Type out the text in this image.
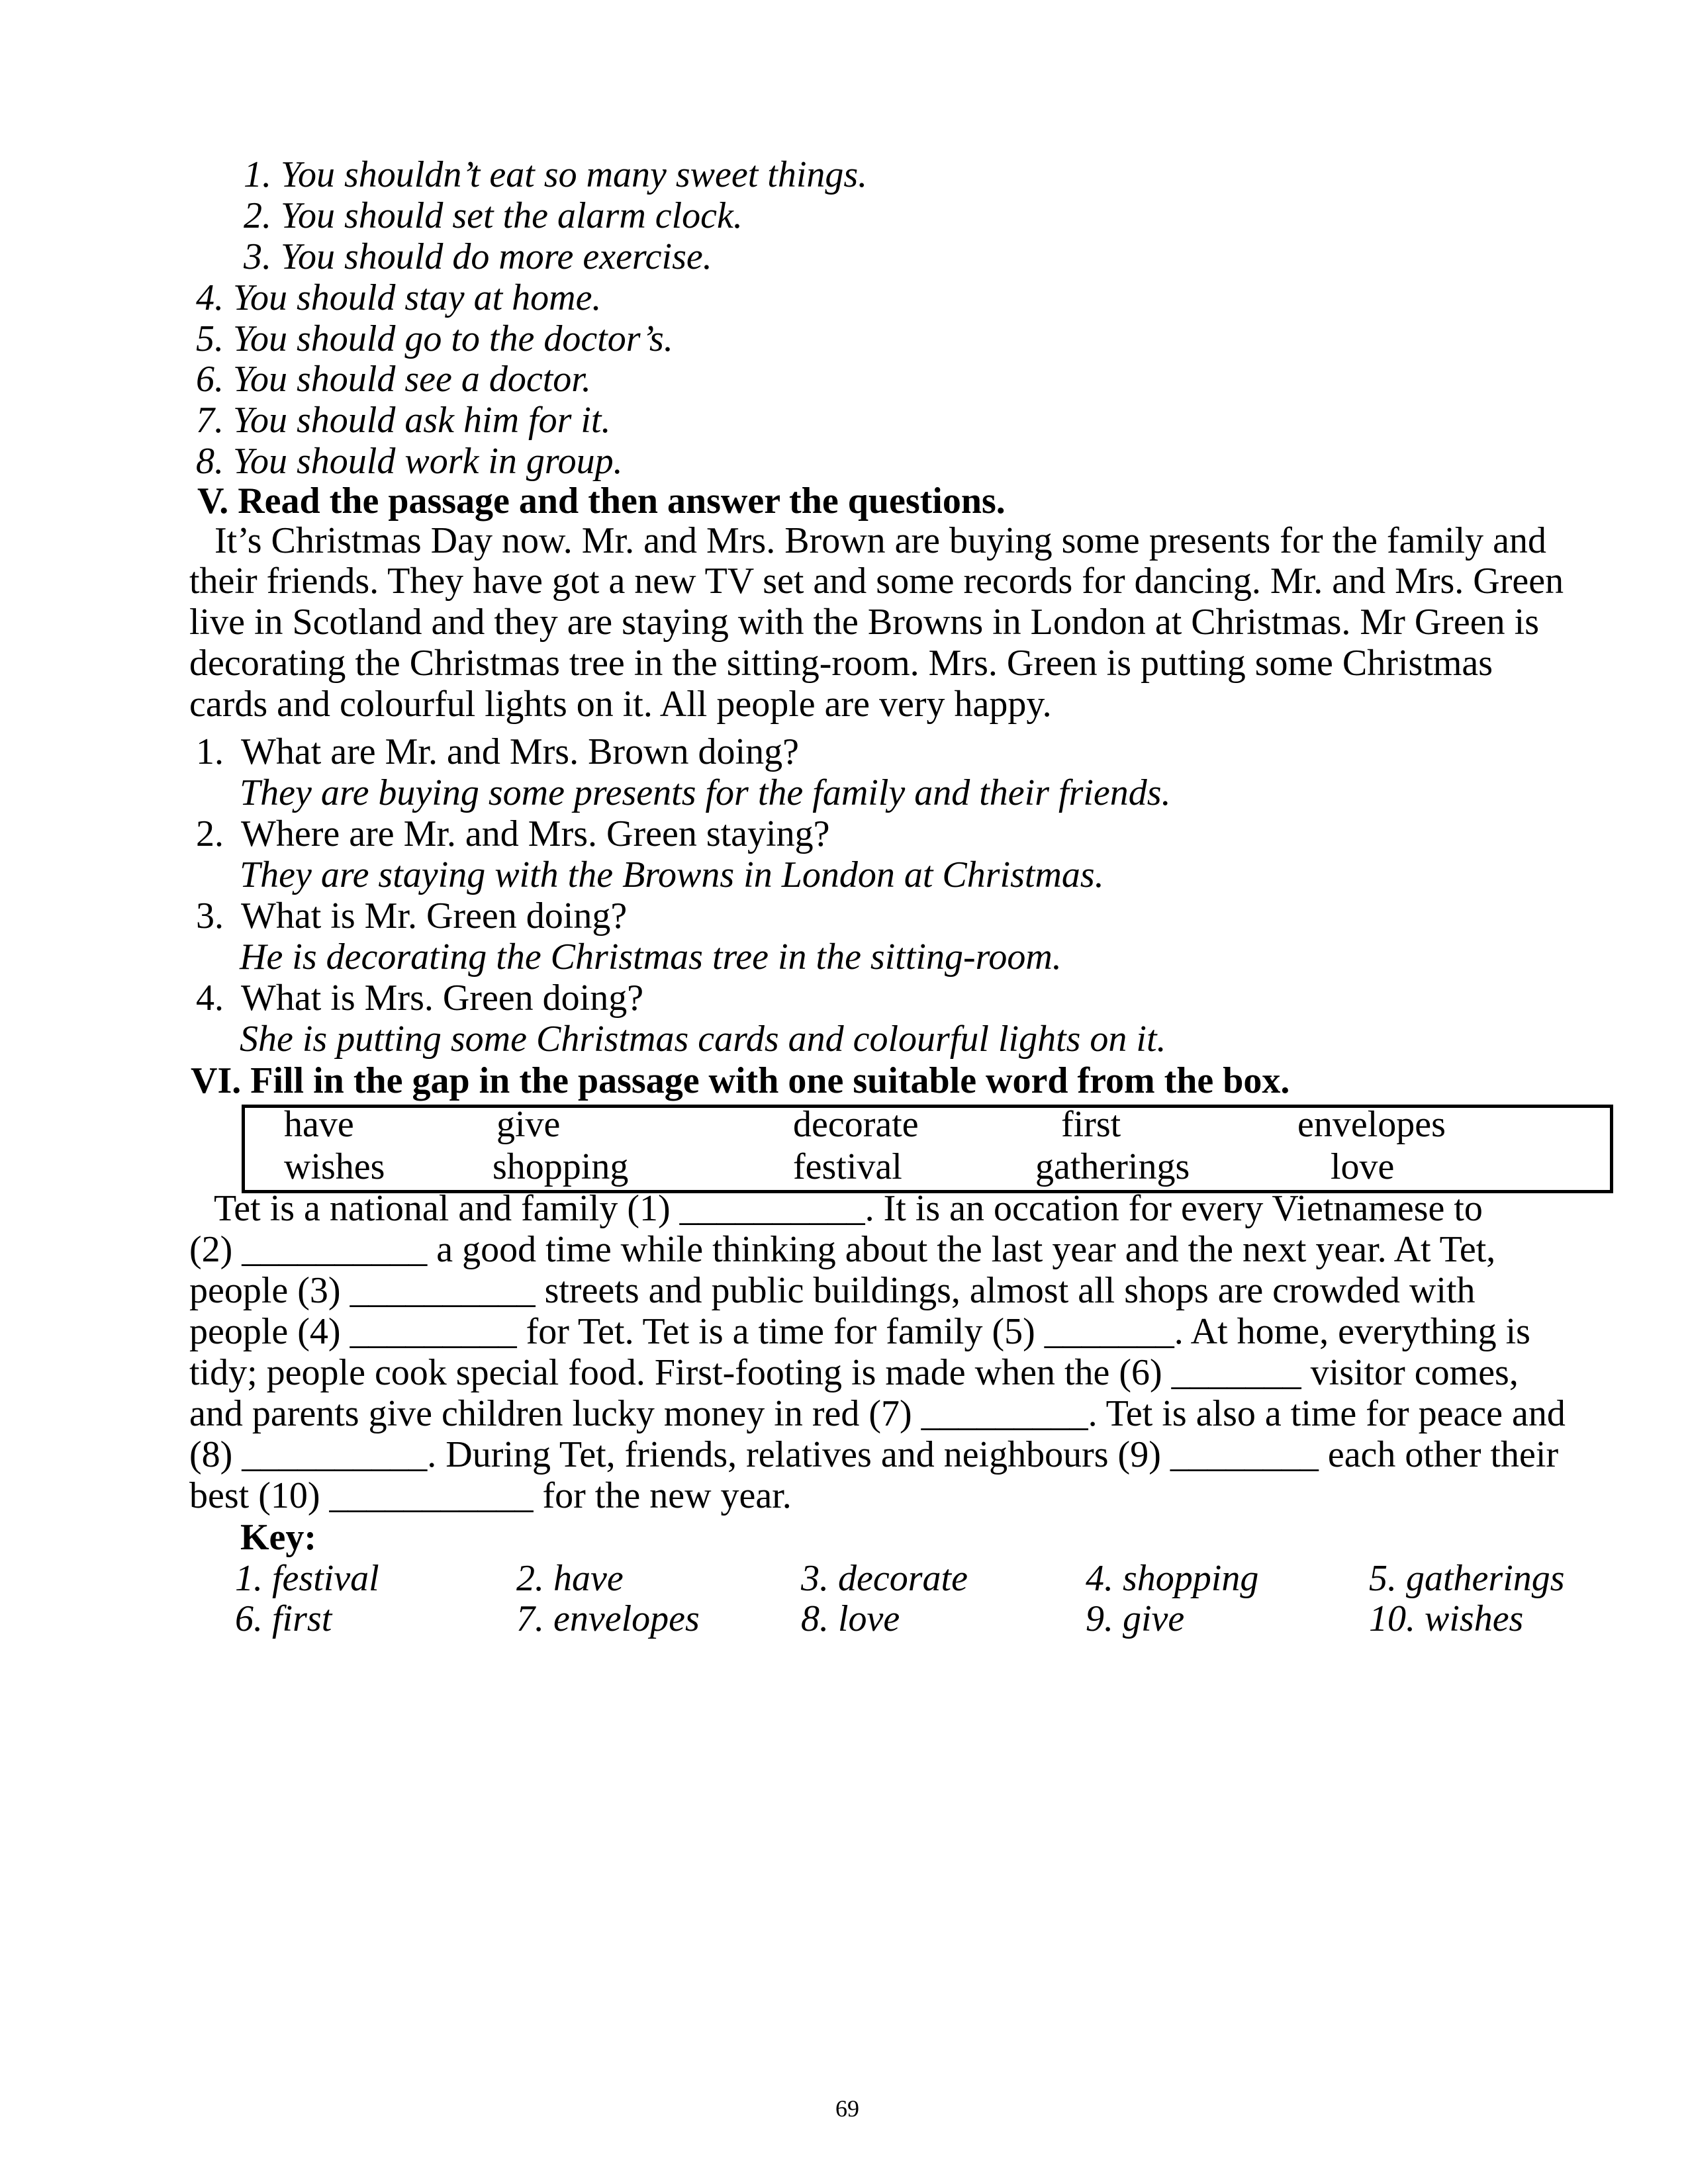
1. You shouldn’t eat so many sweet things.
2. You should set the alarm clock.
3. You should do more exercise.
4. You should stay at home.
5. You should go to the doctor’s.
6. You should see a doctor.
7. You should ask him for it.
8. You should work in group.
V. Read the passage and then answer the questions.
It’s Christmas Day now. Mr. and Mrs. Brown are buying some presents for the family and
their friends. They have got a new TV set and some records for dancing. Mr. and Mrs. Green
live in Scotland and they are staying with the Browns in London at Christmas. Mr Green is
decorating the Christmas tree in the sitting-room. Mrs. Green is putting some Christmas
cards and colourful lights on it. All people are very happy.
1. What are Mr. and Mrs. Brown doing?
They are buying some presents for the family and their friends.
2. Where are Mr. and Mrs. Green staying?
They are staying with the Browns in London at Christmas.
3. What is Mr. Green doing?
He is decorating the Christmas tree in the sitting-room.
4. What is Mrs. Green doing?
She is putting some Christmas cards and colourful lights on it.
VI. Fill in the gap in the passage with one suitable word from the box.
have	give	decorate	first	envelopes
wishes	shopping	festival	gatherings	love
Tet is a national and family (1) __________. It is an occation for every Vietnamese to
(2) __________ a good time while thinking about the last year and the next year. At Tet,
people (3) __________ streets and public buildings, almost all shops are crowded with
people (4) _________ for Tet. Tet is a time for family (5) _______. At home, everything is
tidy; people cook special food. First-footing is made when the (6) _______ visitor comes,
and parents give children lucky money in red (7) _________. Tet is also a time for peace and
(8) __________. During Tet, friends, relatives and neighbours (9) ________ each other their
best (10) ___________ for the new year.
Key:
1. festival	2. have	3. decorate	4. shopping	5. gatherings
6. first	7. envelopes	8. love	9. give	10. wishes
69
